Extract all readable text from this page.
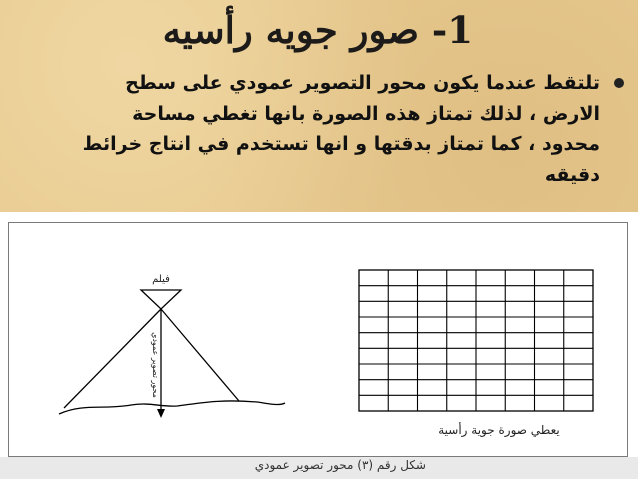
1- صور جويه رأسيه
تلتقط عندما يكون محور التصوير عمودي على سطح
الارض ، لذلك تمتاز هذه الصورة بانها تغطي مساحة
محدود ، كما تمتاز بدقتها و انها تستخدم في انتاج خرائط
دقيقه
فيلم
محور تصوير عمودي
يعطي صورة جوية رأسية
شكل رقم (٣) محور تصوير عمودي
